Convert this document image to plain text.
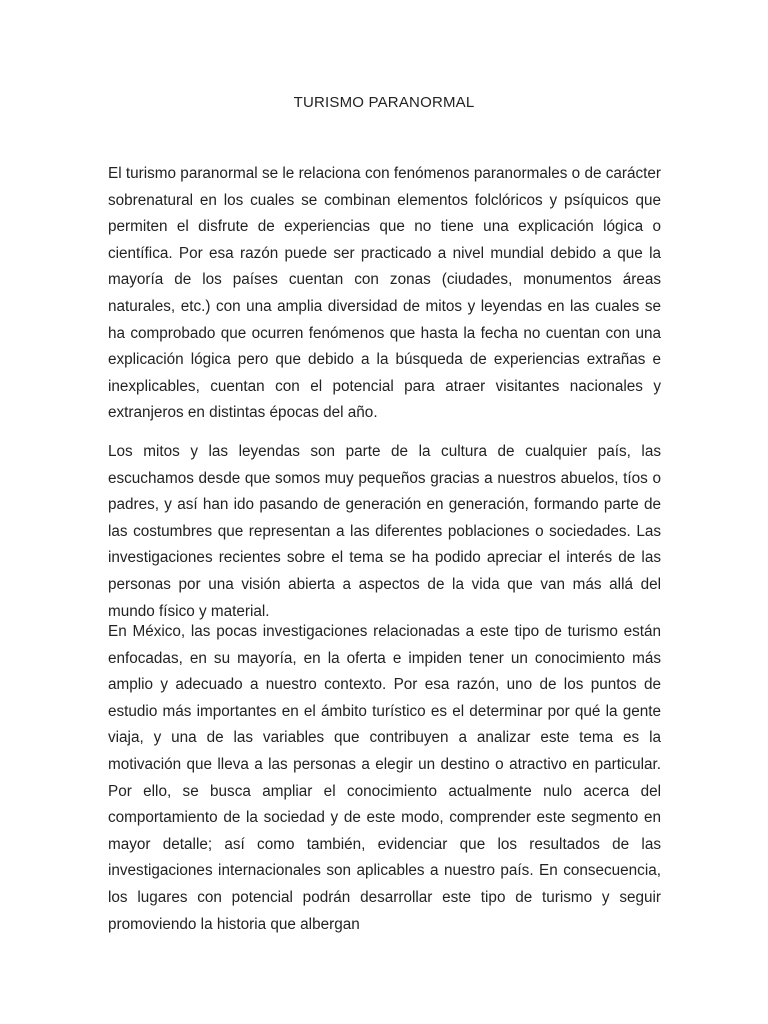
TURISMO PARANORMAL

El turismo paranormal se le relaciona con fenómenos paranormales o de carácter sobrenatural en los cuales se combinan elementos folclóricos y psíquicos que permiten el disfrute de experiencias que no tiene una explicación lógica o científica. Por esa razón puede ser practicado a nivel mundial debido a que la mayoría de los países cuentan con zonas (ciudades, monumentos áreas naturales, etc.) con una amplia diversidad de mitos y leyendas en las cuales se ha comprobado que ocurren fenómenos que hasta la fecha no cuentan con una explicación lógica pero que debido a la búsqueda de experiencias extrañas e inexplicables, cuentan con el potencial para atraer visitantes nacionales y extranjeros en distintas épocas del año.

Los mitos y las leyendas son parte de la cultura de cualquier país, las escuchamos desde que somos muy pequeños gracias a nuestros abuelos, tíos o padres, y así han ido pasando de generación en generación, formando parte de las costumbres que representan a las diferentes poblaciones o sociedades. Las investigaciones recientes sobre el tema se ha podido apreciar el interés de las personas por una visión abierta a aspectos de la vida que van más allá del mundo físico y material.

En México, las pocas investigaciones relacionadas a este tipo de turismo están enfocadas, en su mayoría, en la oferta e impiden tener un conocimiento más amplio y adecuado a nuestro contexto. Por esa razón, uno de los puntos de estudio más importantes en el ámbito turístico es el determinar por qué la gente viaja, y una de las variables que contribuyen a analizar este tema es la motivación que lleva a las personas a elegir un destino o atractivo en particular. Por ello, se busca ampliar el conocimiento actualmente nulo acerca del comportamiento de la sociedad y de este modo, comprender este segmento en mayor detalle; así como también, evidenciar que los resultados de las investigaciones internacionales son aplicables a nuestro país. En consecuencia, los lugares con potencial podrán desarrollar este tipo de turismo y seguir promoviendo la historia que albergan
